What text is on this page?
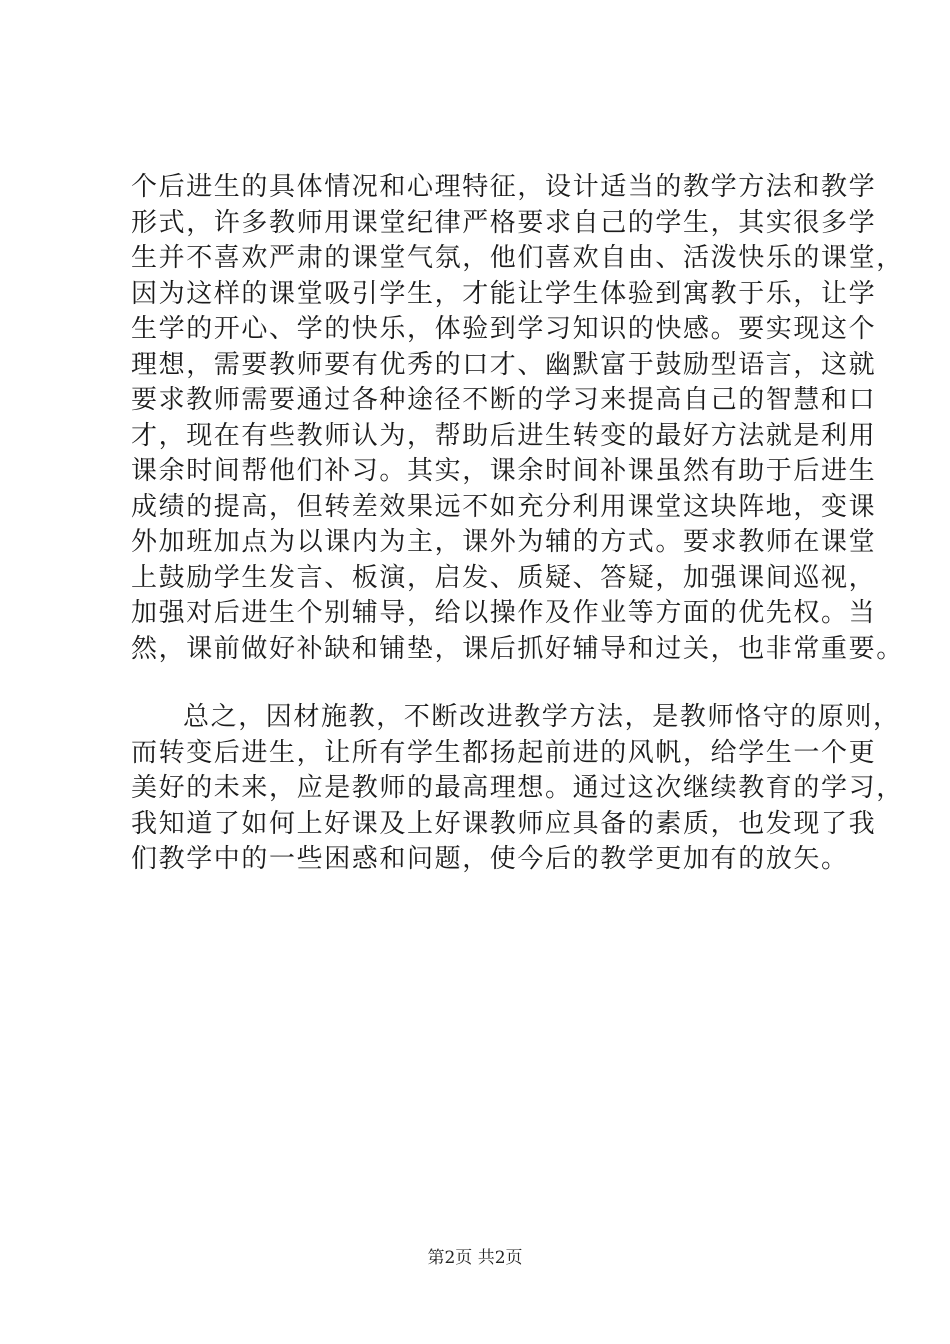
个后进生的具体情况和心理特征，设计适当的教学方法和教学
形式，许多教师用课堂纪律严格要求自己的学生，其实很多学
生并不喜欢严肃的课堂气氛，他们喜欢自由、活泼快乐的课堂，
因为这样的课堂吸引学生，才能让学生体验到寓教于乐，让学
生学的开心、学的快乐，体验到学习知识的快感。要实现这个
理想，需要教师要有优秀的口才、幽默富于鼓励型语言，这就
要求教师需要通过各种途径不断的学习来提高自己的智慧和口
才，现在有些教师认为，帮助后进生转变的最好方法就是利用
课余时间帮他们补习。其实，课余时间补课虽然有助于后进生
成绩的提高，但转差效果远不如充分利用课堂这块阵地，变课
外加班加点为以课内为主，课外为辅的方式。要求教师在课堂
上鼓励学生发言、板演，启发、质疑、答疑，加强课间巡视，
加强对后进生个别辅导，给以操作及作业等方面的优先权。当
然，课前做好补缺和铺垫，课后抓好辅导和过关，也非常重要。

总之，因材施教，不断改进教学方法，是教师恪守的原则，
而转变后进生，让所有学生都扬起前进的风帆，给学生一个更
美好的未来，应是教师的最高理想。通过这次继续教育的学习，
我知道了如何上好课及上好课教师应具备的素质，也发现了我
们教学中的一些困惑和问题，使今后的教学更加有的放矢。

第2页 共2页
